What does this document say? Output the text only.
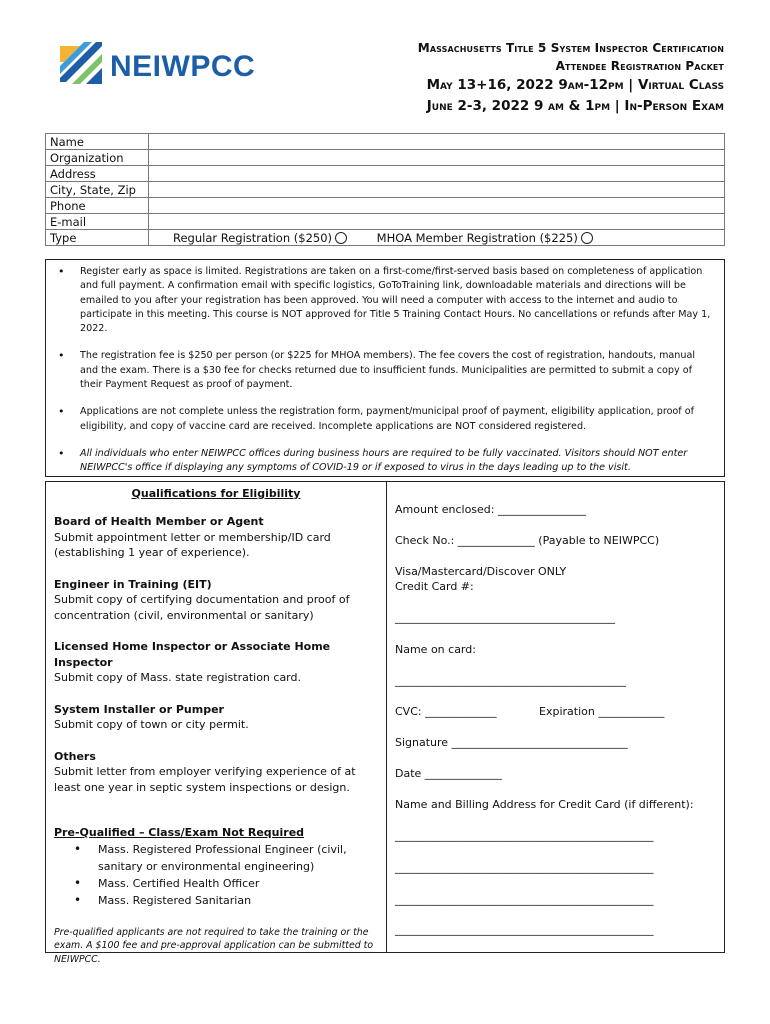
NEIWPCC
Massachusetts Title 5 System Inspector Certification
Attendee Registration Packet
May 13+16, 2022 9am-12pm | Virtual Class
June 2-3, 2022 9 am & 1pm | In-Person Exam
Name	
Organization	
Address	
City, State, Zip	
Phone	
E-mail	
Type	Regular Registration ($250) MHOA Member Registration ($225)
• Register early as space is limited. Registrations are taken on a first-come/first-served basis based on completeness of application and full payment. A confirmation email with specific logistics, GoToTraining link, downloadable materials and directions will be emailed to you after your registration has been approved. You will need a computer with access to the internet and audio to participate in this meeting. This course is NOT approved for Title 5 Training Contact Hours. No cancellations or refunds after May 1, 2022.
• The registration fee is $250 per person (or $225 for MHOA members). The fee covers the cost of registration, handouts, manual and the exam. There is a $30 fee for checks returned due to insufficient funds. Municipalities are permitted to submit a copy of their Payment Request as proof of payment.
• Applications are not complete unless the registration form, payment/municipal proof of payment, eligibility application, proof of eligibility, and copy of vaccine card are received. Incomplete applications are NOT considered registered.
• All individuals who enter NEIWPCC offices during business hours are required to be fully vaccinated. Visitors should NOT enter NEIWPCC's office if displaying any symptoms of COVID-19 or if exposed to virus in the days leading up to the visit.
Qualifications for Eligibility
Board of Health Member or Agent
Submit appointment letter or membership/ID card (establishing 1 year of experience).
Engineer in Training (EIT)
Submit copy of certifying documentation and proof of concentration (civil, environmental or sanitary)
Licensed Home Inspector or Associate Home Inspector
Submit copy of Mass. state registration card.
System Installer or Pumper
Submit copy of town or city permit.
Others
Submit letter from employer verifying experience of at least one year in septic system inspections or design.
Pre-Qualified – Class/Exam Not Required
• Mass. Registered Professional Engineer (civil, sanitary or environmental engineering)
• Mass. Certified Health Officer
• Mass. Registered Sanitarian
Pre-qualified applicants are not required to take the training or the exam. A $100 fee and pre-approval application can be submitted to NEIWPCC.
Amount enclosed: ________________
Check No.: ______________ (Payable to NEIWPCC)
Visa/Mastercard/Discover ONLY
Credit Card #:
________________________________________
Name on card:
__________________________________________
CVC: _____________	Expiration ____________
Signature ________________________________
Date ______________
Name and Billing Address for Credit Card (if different):
_______________________________________________
_______________________________________________
_______________________________________________
_______________________________________________
